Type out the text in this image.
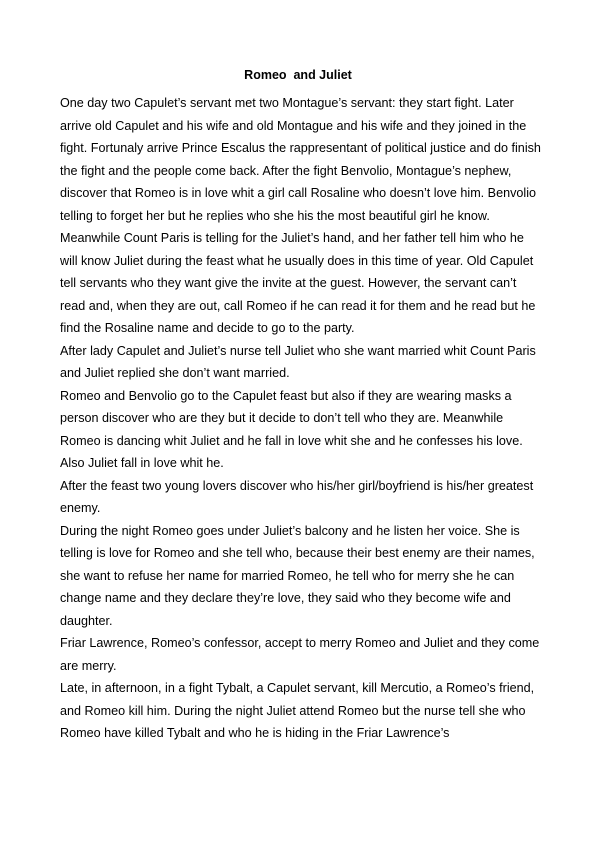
Romeo  and Juliet

One day two Capulet’s servant met two Montague’s servant: they start fight. Later arrive old Capulet and his wife and old Montague and his wife and they joined in the fight. Fortunaly arrive Prince Escalus the rappresentant of political justice and do finish the fight and the people come back. After the fight Benvolio, Montague’s nephew, discover that Romeo is in love whit a girl call Rosaline who doesn’t love him. Benvolio telling to forget her but he replies who she his the most beautiful girl he know.

Meanwhile Count Paris is telling for the Juliet’s hand, and her father tell him who he will know Juliet during the feast what he usually does in this time of year. Old Capulet tell servants who they want give the invite at the guest. However, the servant can’t read and, when they are out, call Romeo if he can read it for them and he read but he find the Rosaline name and decide to go to the party.

After lady Capulet and Juliet’s nurse tell Juliet who she want married whit Count Paris and Juliet replied she don’t want married.

Romeo and Benvolio go to the Capulet feast but also if they are wearing masks a person discover who are they but it decide to don’t tell who they are. Meanwhile Romeo is dancing whit Juliet and he fall in love whit she and he confesses his love. Also Juliet fall in love whit he.

After the feast two young lovers discover who his/her girl/boyfriend is his/her greatest enemy.

During the night Romeo goes under Juliet’s balcony and he listen her voice. She is telling is love for Romeo and she tell who, because their best enemy are their names, she want to refuse her name for married Romeo, he tell who for merry she he can change name and they declare they’re love, they said who they become wife and daughter.

Friar Lawrence, Romeo’s confessor, accept to merry Romeo and Juliet and they come are merry.

Late, in afternoon, in a fight Tybalt, a Capulet servant, kill Mercutio, a Romeo’s friend, and Romeo kill him. During the night Juliet attend Romeo but the nurse tell she who Romeo have killed Tybalt and who he is hiding in the Friar Lawrence’s
